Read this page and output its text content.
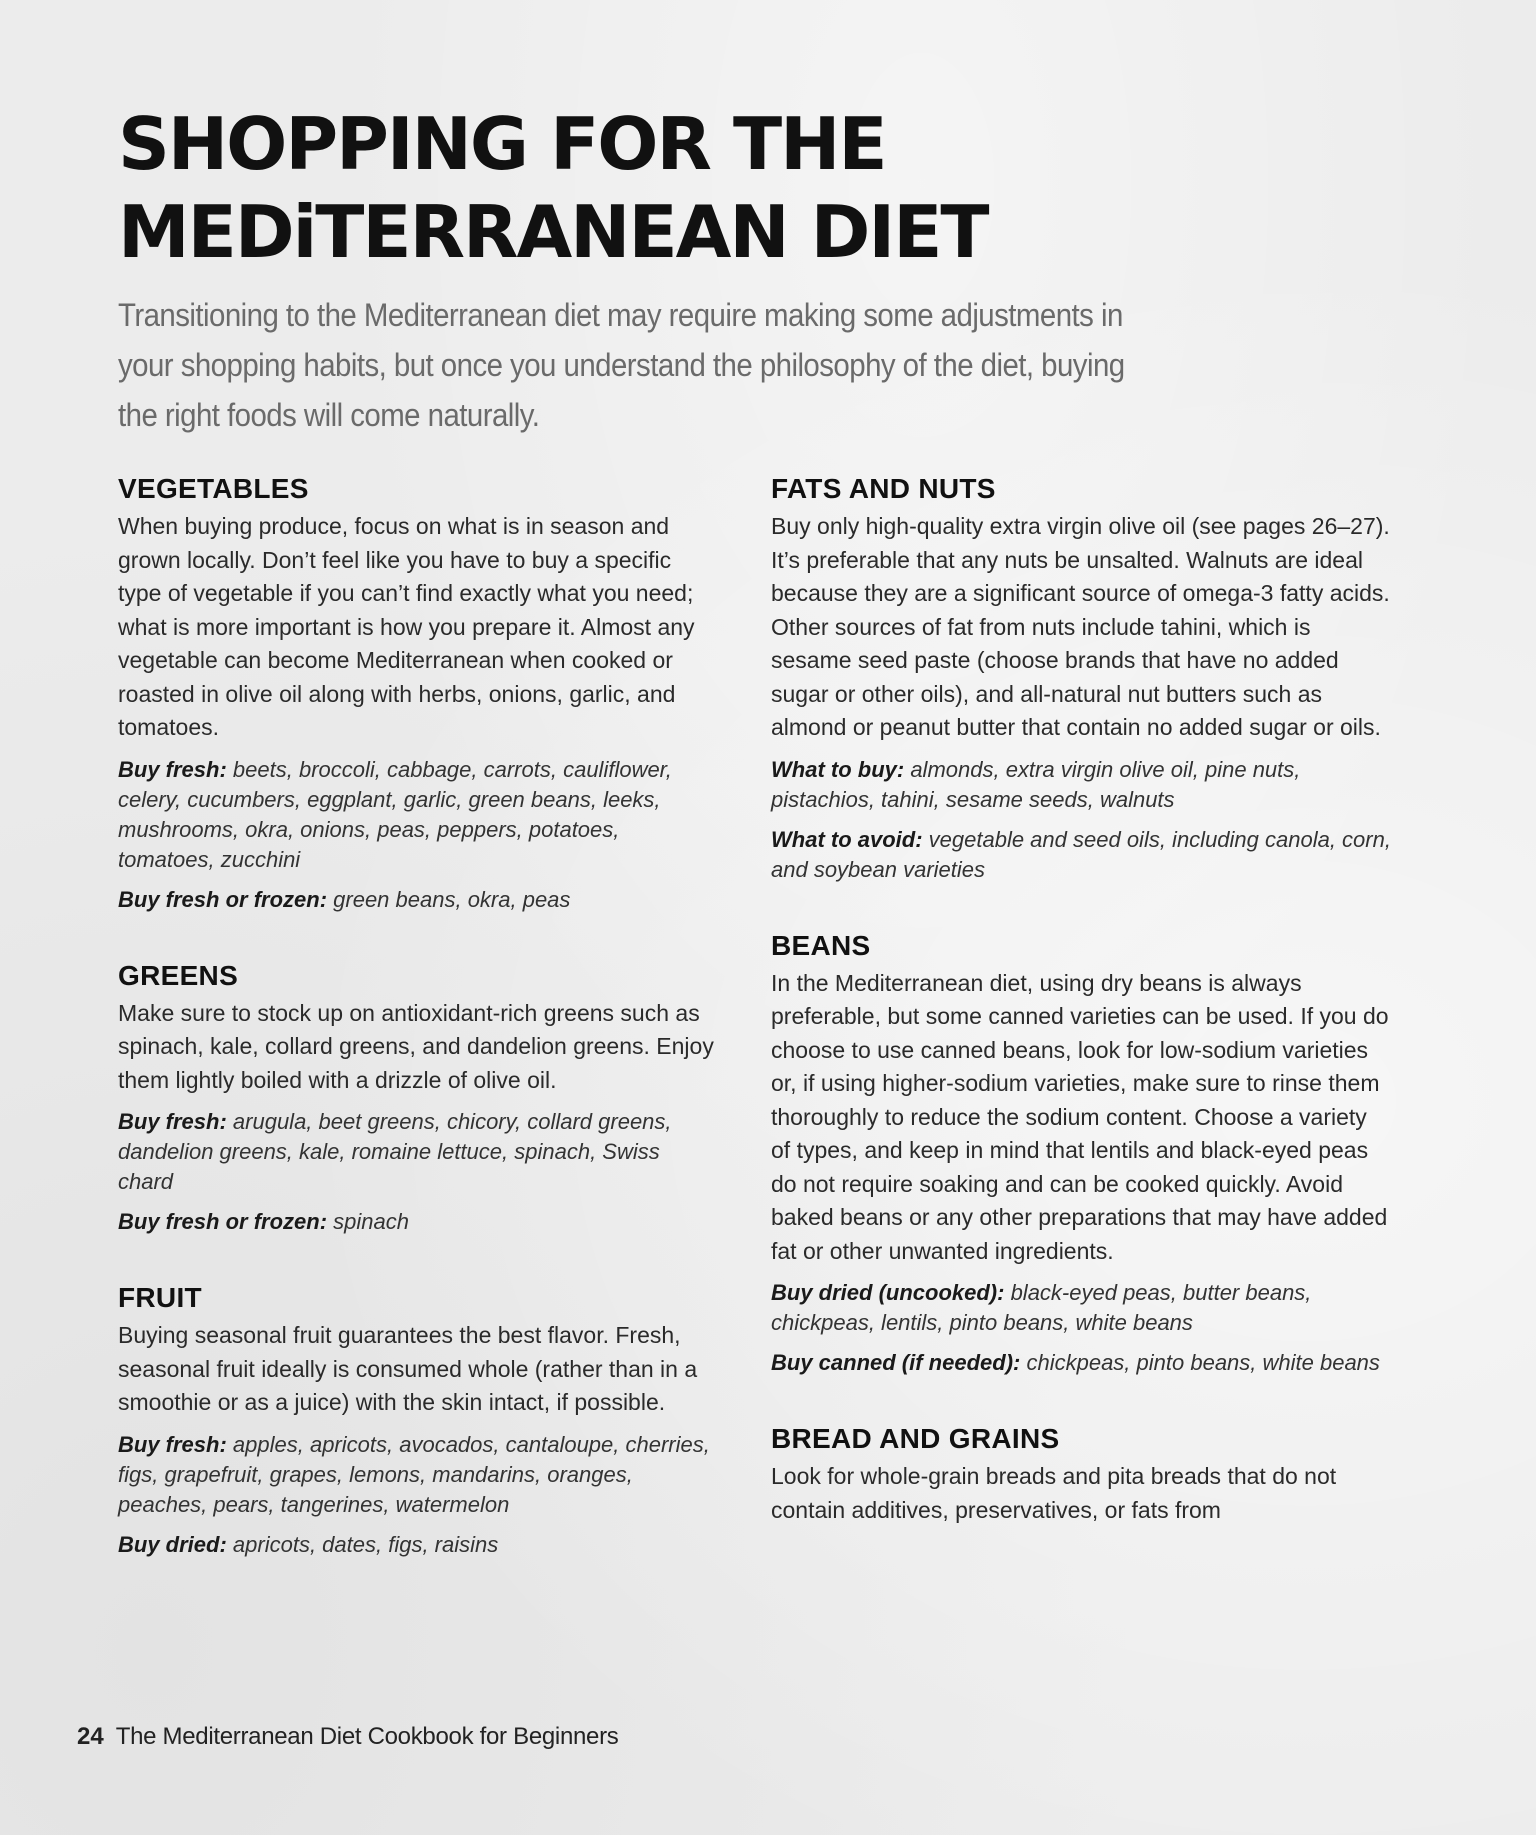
SHOPPING FOR THE
MEDiTERRANEAN DIET

Transitioning to the Mediterranean diet may require making some adjustments in your shopping habits, but once you understand the philosophy of the diet, buying the right foods will come naturally.

VEGETABLES

When buying produce, focus on what is in season and grown locally. Don’t feel like you have to buy a specific type of vegetable if you can’t find exactly what you need; what is more important is how you prepare it. Almost any vegetable can become Mediterranean when cooked or roasted in olive oil along with herbs, onions, garlic, and tomatoes.

Buy fresh: beets, broccoli, cabbage, carrots, cauliflower, celery, cucumbers, eggplant, garlic, green beans, leeks, mushrooms, okra, onions, peas, peppers, potatoes, tomatoes, zucchini

Buy fresh or frozen: green beans, okra, peas

GREENS

Make sure to stock up on antioxidant-rich greens such as spinach, kale, collard greens, and dandelion greens. Enjoy them lightly boiled with a drizzle of olive oil.

Buy fresh: arugula, beet greens, chicory, collard greens, dandelion greens, kale, romaine lettuce, spinach, Swiss chard

Buy fresh or frozen: spinach

FRUIT

Buying seasonal fruit guarantees the best flavor. Fresh, seasonal fruit ideally is consumed whole (rather than in a smoothie or as a juice) with the skin intact, if possible.

Buy fresh: apples, apricots, avocados, cantaloupe, cherries, figs, grapefruit, grapes, lemons, mandarins, oranges, peaches, pears, tangerines, watermelon

Buy dried: apricots, dates, figs, raisins

FATS AND NUTS

Buy only high-quality extra virgin olive oil (see pages 26–27). It’s preferable that any nuts be unsalted. Walnuts are ideal because they are a significant source of omega-3 fatty acids. Other sources of fat from nuts include tahini, which is sesame seed paste (choose brands that have no added sugar or other oils), and all-natural nut butters such as almond or peanut butter that contain no added sugar or oils.

What to buy: almonds, extra virgin olive oil, pine nuts, pistachios, tahini, sesame seeds, walnuts

What to avoid: vegetable and seed oils, including canola, corn, and soybean varieties

BEANS

In the Mediterranean diet, using dry beans is always preferable, but some canned varieties can be used. If you do choose to use canned beans, look for low-sodium varieties or, if using higher-sodium varieties, make sure to rinse them thoroughly to reduce the sodium content. Choose a variety of types, and keep in mind that lentils and black-eyed peas do not require soaking and can be cooked quickly. Avoid baked beans or any other preparations that may have added fat or other unwanted ingredients.

Buy dried (uncooked): black-eyed peas, butter beans, chickpeas, lentils, pinto beans, white beans

Buy canned (if needed): chickpeas, pinto beans, white beans

BREAD AND GRAINS

Look for whole-grain breads and pita breads that do not contain additives, preservatives, or fats from

24 The Mediterranean Diet Cookbook for Beginners
